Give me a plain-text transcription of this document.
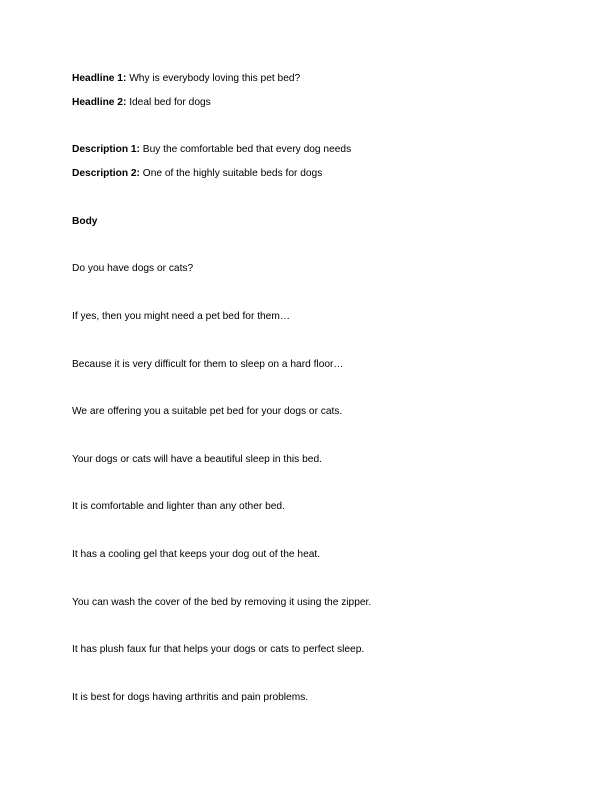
Headline 1: Why is everybody loving this pet bed?
Headline 2: Ideal bed for dogs
Description 1: Buy the comfortable bed that every dog needs
Description 2: One of the highly suitable beds for dogs
Body
Do you have dogs or cats?
If yes, then you might need a pet bed for them…
Because it is very difficult for them to sleep on a hard floor…
We are offering you a suitable pet bed for your dogs or cats.
Your dogs or cats will have a beautiful sleep in this bed.
It is comfortable and lighter than any other bed.
It has a cooling gel that keeps your dog out of the heat.
You can wash the cover of the bed by removing it using the zipper.
It has plush faux fur that helps your dogs or cats to perfect sleep.
It is best for dogs having arthritis and pain problems.
